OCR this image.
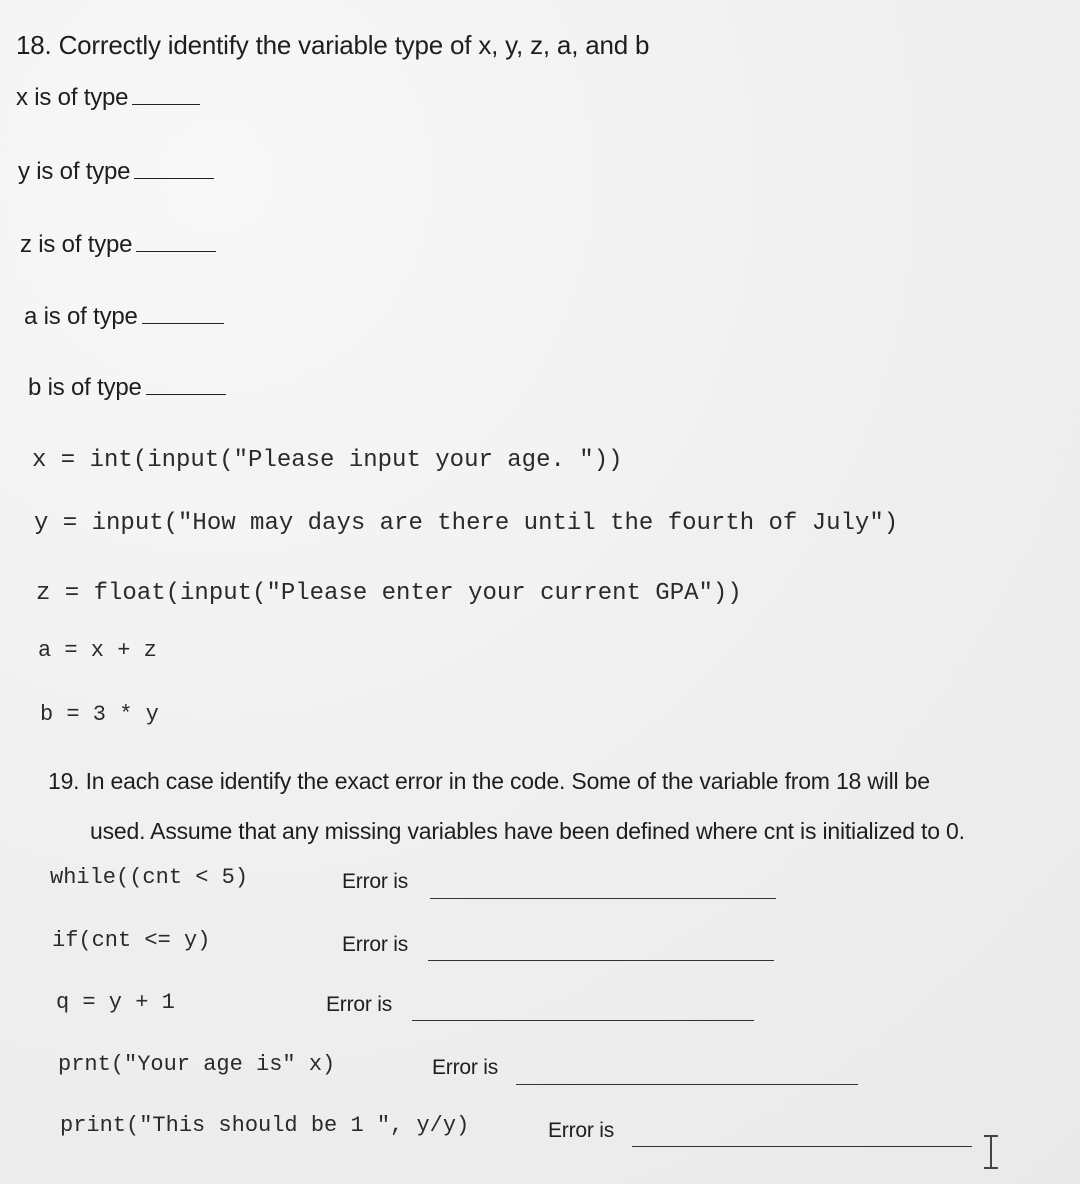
18. Correctly identify the variable type of x, y, z, a, and b
x is of type
y is of type
z is of type
a is of type
b is of type
x = int(input("Please input your age. "))
y = input("How may days are there until the fourth of July")
z = float(input("Please enter your current GPA"))
a = x + z
b = 3 * y
19. In each case identify the exact error in the code. Some of the variable from 18 will be
used. Assume that any missing variables have been defined where cnt is initialized to 0.
while((cnt < 5)	Error is
if(cnt <= y)	Error is
q = y + 1	Error is
prnt("Your age is" x)	Error is
print("This should be 1 ", y/y)	Error is
